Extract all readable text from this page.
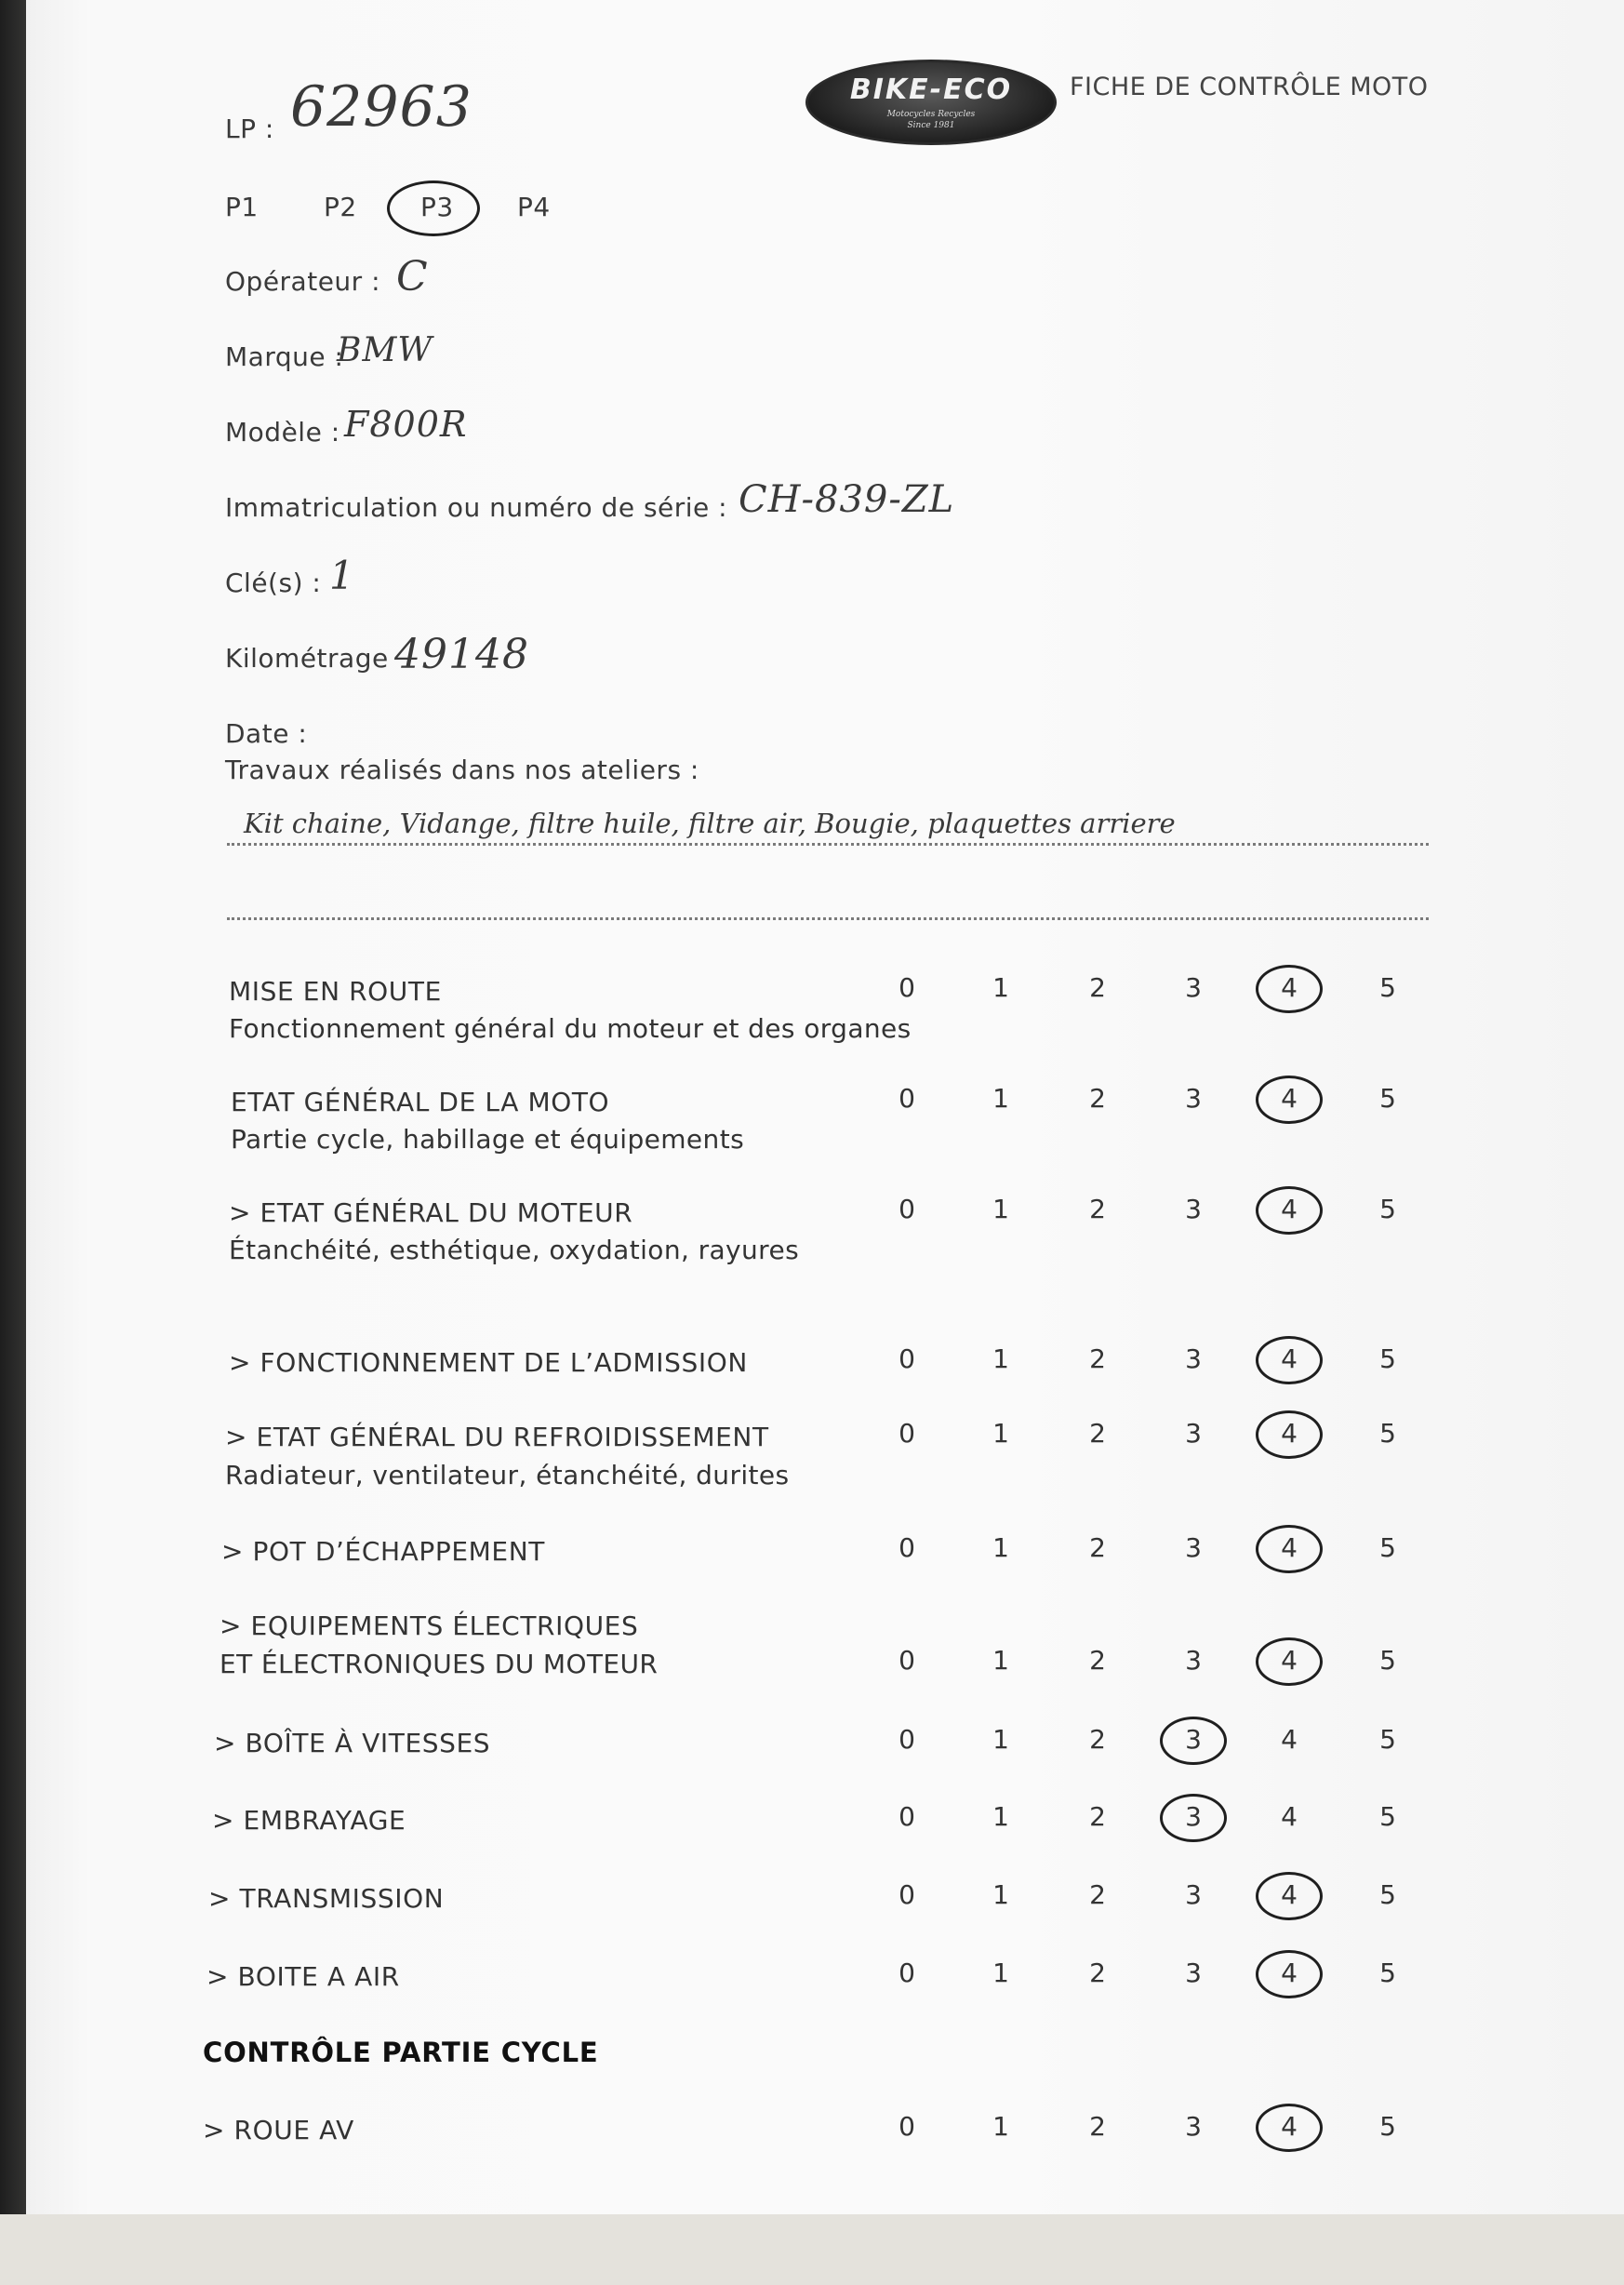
BIKE-ECO
Motocycles Recycles
Since 1981
FICHE DE CONTRÔLE MOTO
LP : 62963
P1	P2 P3 P4
Opérateur : C
Marque :
BMW
Modèle : F800R
Immatriculation ou numéro de série : CH-839-ZL
Clé(s) : 1
Kilométrage 49148
Date :
Travaux réalisés dans nos ateliers :
Kit chaine, Vidange, filtre huile, filtre air, Bougie, plaquettes arriere
MISE EN ROUTE
Fonctionnement général du moteur et des organes
0	1	2	3	4	5
ETAT GÉNÉRAL DE LA MOTO
Partie cycle, habillage et équipements
0	1	2	3	4	5
> ETAT GÉNÉRAL DU MOTEUR
Étanchéité, esthétique, oxydation, rayures
0	1	2	3	4	5
> FONCTIONNEMENT DE L’ADMISSION	0	1	2	3	4	5
> ETAT GÉNÉRAL DU REFROIDISSEMENT
Radiateur, ventilateur, étanchéité, durites
0	1	2	3	4	5
> POT D’ÉCHAPPEMENT	0	1	2	3	4	5
> EQUIPEMENTS ÉLECTRIQUES
ET ÉLECTRONIQUES DU MOTEUR	0	1	2	3	4	5
> BOÎTE À VITESSES	0	1	2	3	4	5
> EMBRAYAGE	0	1	2	3	4	5
> TRANSMISSION	0	1	2	3	4	5
> BOITE A AIR	0	1	2	3	4	5
> ROUE AV	0	1	2	3	4	5
CONTRÔLE PARTIE CYCLE
